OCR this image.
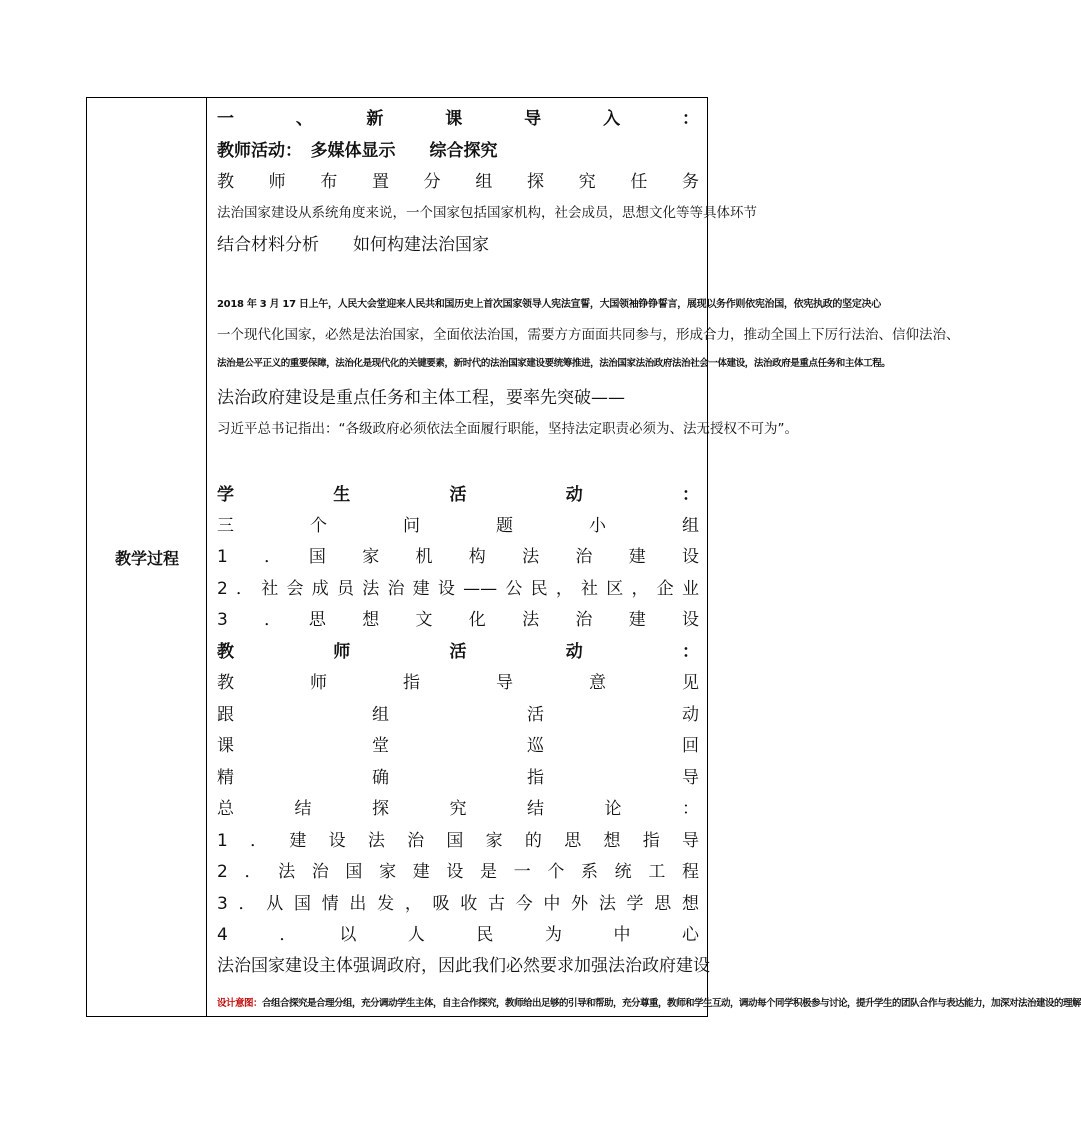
教学过程
一　、　新　课　导　入　：
教师活动：　多媒体显示　　综合探究
教　师　布　置　分　组　探　究　任　务
法治国家建设从系统角度来说，一个国家包括国家机构，社会成员，思想文化等等具体环节
结合材料分析　　如何构建法治国家
2018 年 3 月 17 日上午，人民大会堂迎来人民共和国历史上首次国家领导人宪法宣誓，大国领袖铮铮誓言，展现以务作则依宪治国，依宪执政的坚定决心
一个现代化国家，必然是法治国家，全面依法治国，需要方方面面共同参与，形成合力，推动全国上下厉行法治、信仰法治、
法治是公平正义的重要保障，法治化是现代化的关键要素，新时代的法治国家建设要统筹推进，法治国家法治政府法治社会一体建设，法治政府是重点任务和主体工程。
法治政府建设是重点任务和主体工程，要率先突破——
习近平总书记指出：“各级政府必须依法全面履行职能，坚持法定职责必须为、法无授权不可为”。
学　生　活　动　：
三　个　问　题　小　组
1　．　国　家　机　构　法　治　建　设
2．社会成员法治建设——公民，社区，企业
3　．　思　想　文　化　法　治　建　设
教　师　活　动　：
教　师　指　导　意　见
跟　组　活　动
课　堂　巡　回
精　确　指　导
总　结　探　究　结　论　：
1．建设法治国家的思想指导
2．法治国家建设是一个系统工程
3．从国情出发，吸收古今中外法学思想
4　．　以　人　民　为　中　心
法治国家建设主体强调政府，因此我们必然要求加强法治政府建设
设计意图：合组合探究是合理分组，充分调动学生主体，自主合作探究，教师给出足够的引导和帮助，充分尊重，教师和学生互动，调动每个同学积极参与讨论，提升学生的团队合作与表达能力，加深对法治建设的理解
